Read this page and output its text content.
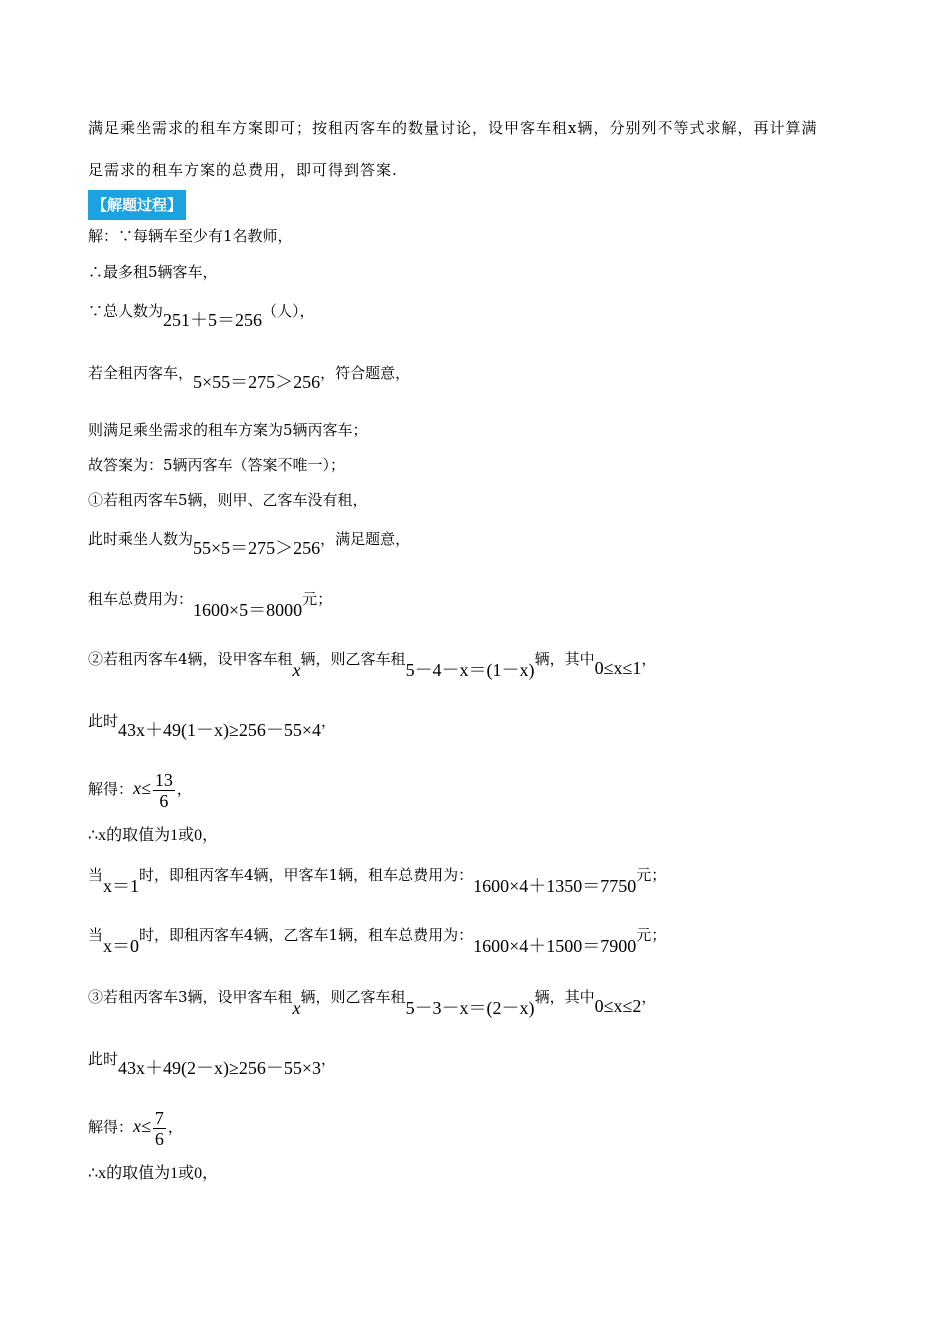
满足乘坐需求的租车方案即可；按租丙客车的数量讨论，设甲客车租x辆，分别列不等式求解，再计算满
足需求的租车方案的总费用，即可得到答案.
【解题过程】
解：∵每辆车至少有1名教师，
∴最多租5辆客车，
∵总人数为251＋5＝256（人），
若全租丙客车，5×55＝275＞256，符合题意，
则满足乘坐需求的租车方案为5辆丙客车；
故答案为：5辆丙客车（答案不唯一）；
①若租丙客车5辆，则甲、乙客车没有租，
此时乘坐人数为55×5＝275＞256，满足题意，
租车总费用为：1600×5＝8000元；
②若租丙客车4辆，设甲客车租x辆，则乙客车租5－4－x＝(1－x)辆，其中0≤x≤1，
此时43x＋49(1－x)≥256－55×4，
解得：$x\le \frac{13}{6}$ ，
∴x的取值为1或0，
当x＝1时，即租丙客车4辆，甲客车1辆，租车总费用为：1600×4＋1350＝7750元；
当x＝0时，即租丙客车4辆，乙客车1辆，租车总费用为：1600×4＋1500＝7900元；
③若租丙客车3辆，设甲客车租x辆，则乙客车租5－3－x＝(2－x)辆，其中0≤x≤2，
此时43x＋49(2－x)≥256－55×3，
解得：$x\le \frac{7}{6}$ ，
∴x的取值为1或0，
